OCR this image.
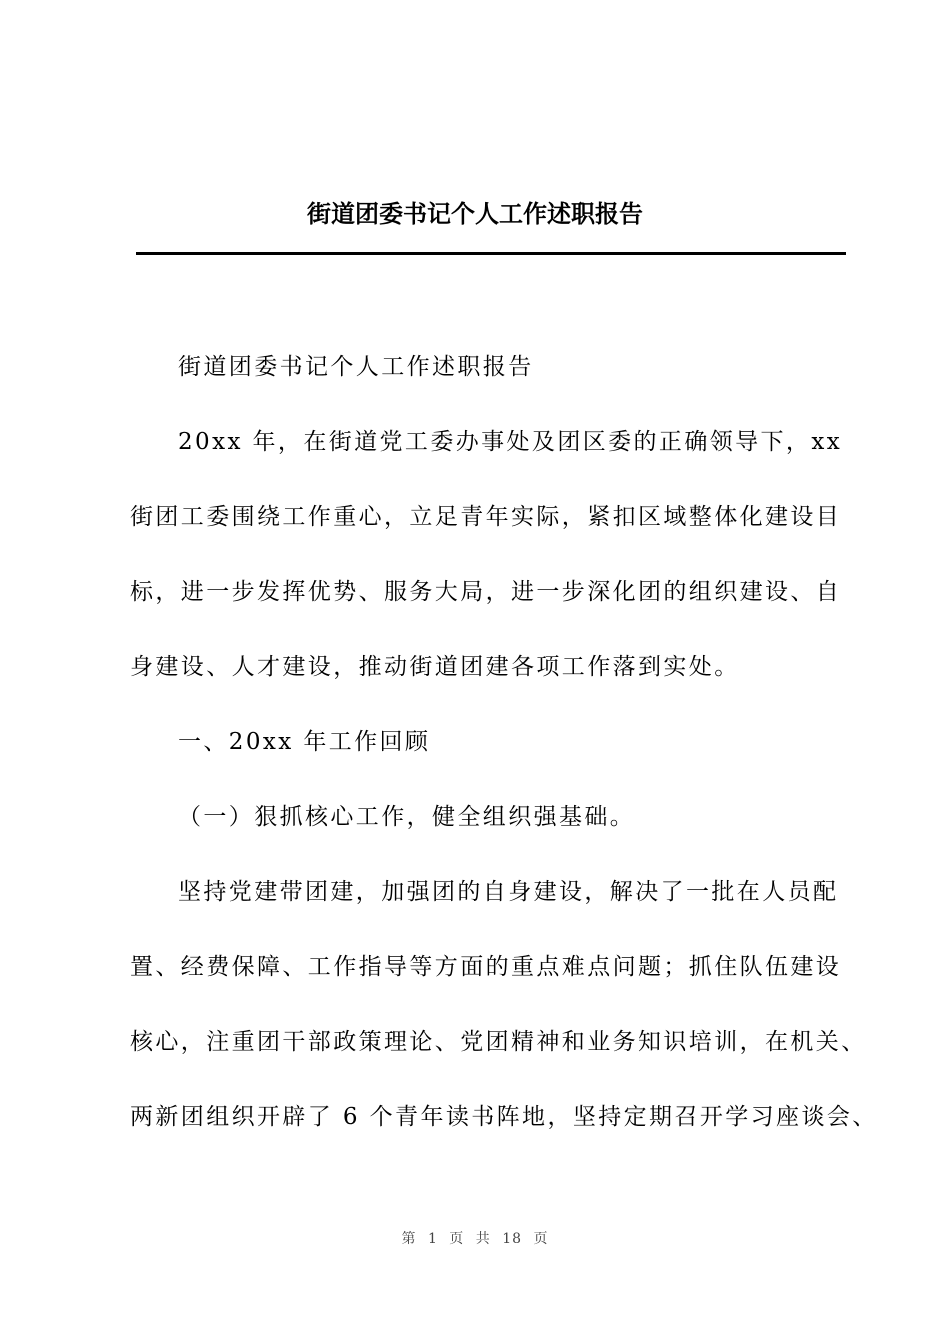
街道团委书记个人工作述职报告
街道团委书记个人工作述职报告
20xx 年，在街道党工委办事处及团区委的正确领导下，xx
街团工委围绕工作重心，立足青年实际，紧扣区域整体化建设目
标，进一步发挥优势、服务大局，进一步深化团的组织建设、自
身建设、人才建设，推动街道团建各项工作落到实处。
一、20xx 年工作回顾
（一）狠抓核心工作，健全组织强基础。
坚持党建带团建，加强团的自身建设，解决了一批在人员配
置、经费保障、工作指导等方面的重点难点问题；抓住队伍建设
核心，注重团干部政策理论、党团精神和业务知识培训，在机关、
两新团组织开辟了 6 个青年读书阵地，坚持定期召开学习座谈会、
第 1 页 共 18 页
